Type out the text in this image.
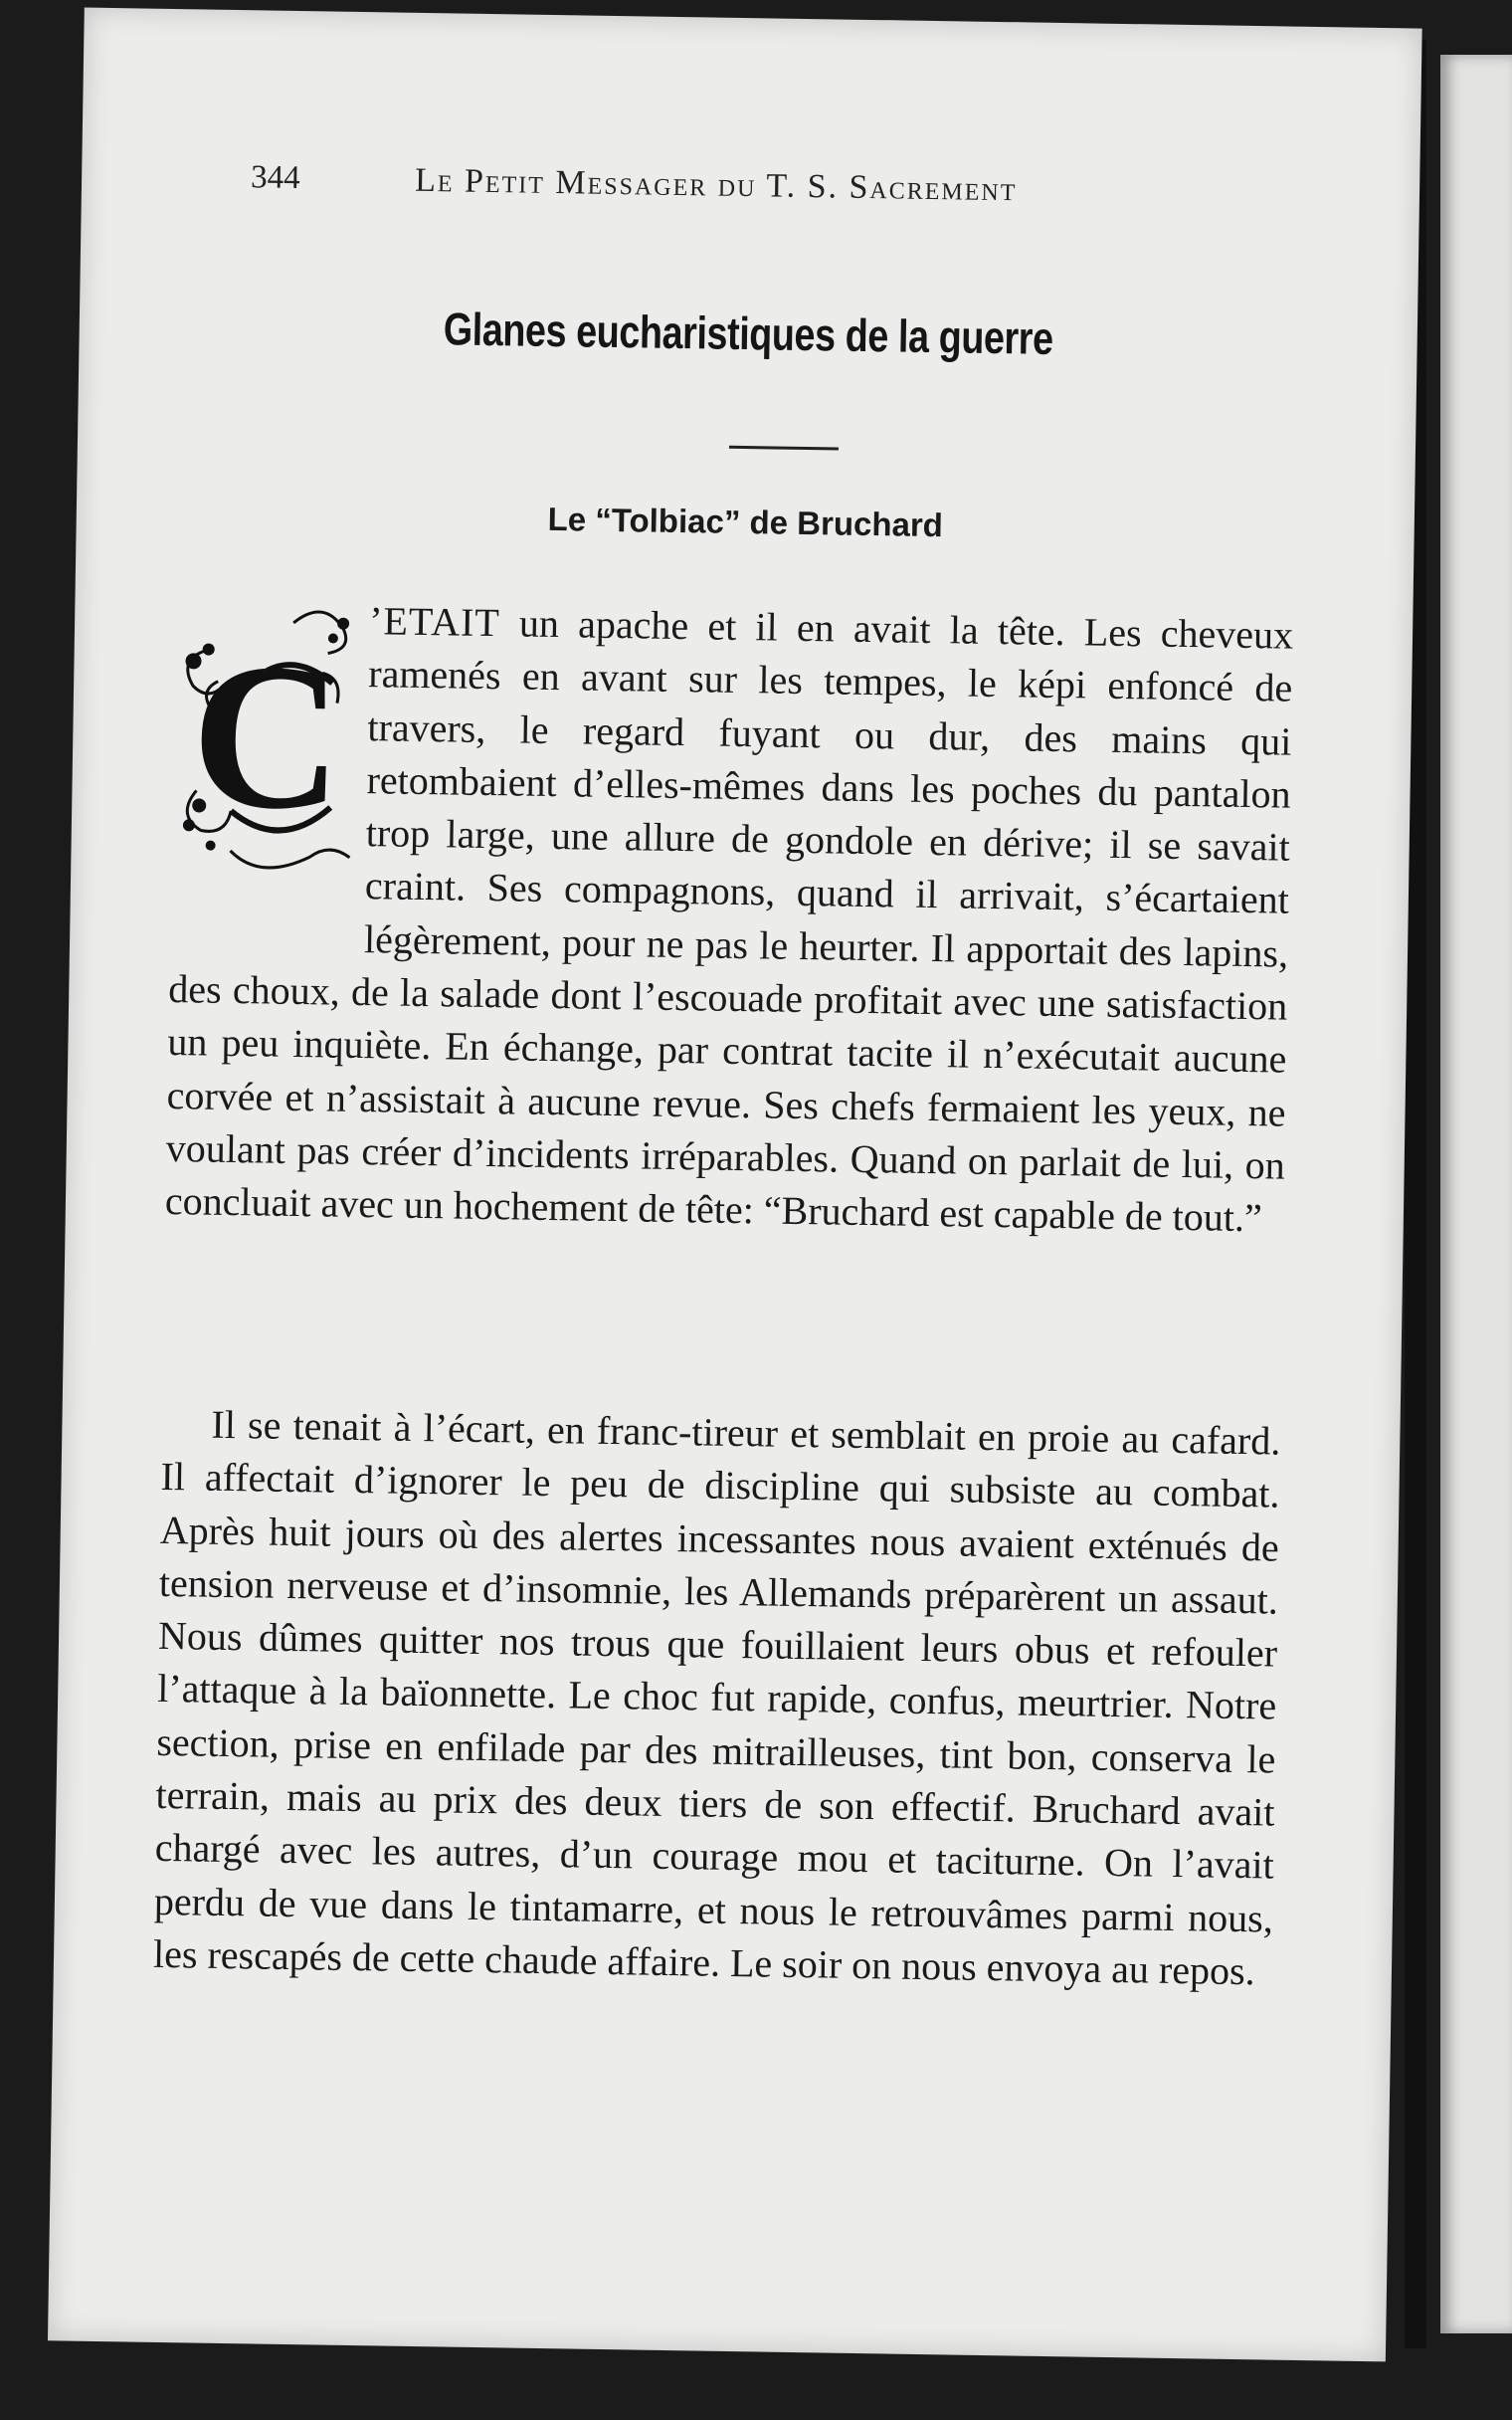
344	Le Petit Messager du T. S. Sacrement
Glanes eucharistiques de la guerre
Le “Tolbiac” de Bruchard
C ’ETAIT un apache et il en avait la tête. Les cheveux ramenés en avant sur les tempes, le képi enfoncé de travers, le regard fuyant ou dur, des mains qui retombaient d’elles-mêmes dans les poches du pantalon trop large, une allure de gondole en dérive; il se savait craint. Ses compagnons, quand il arrivait, s’écartaient légèrement, pour ne pas le heurter. Il apportait des lapins, des choux, de la salade dont l’escouade profitait avec une satisfaction un peu inquiète. En échange, par contrat tacite il n’exécutait aucune corvée et n’assistait à aucune revue. Ses chefs fermaient les yeux, ne voulant pas créer d’incidents irréparables. Quand on parlait de lui, on concluait avec un hochement de tête: “Bruchard est capable de tout.”
Il se tenait à l’écart, en franc-tireur et semblait en proie au cafard. Il affectait d’ignorer le peu de discipline qui subsiste au combat. Après huit jours où des alertes incessantes nous avaient exténués de tension nerveuse et d’insomnie, les Allemands préparèrent un assaut. Nous dûmes quitter nos trous que fouillaient leurs obus et refouler l’attaque à la baïonnette. Le choc fut rapide, confus, meurtrier. Notre section, prise en enfilade par des mitrailleuses, tint bon, conserva le terrain, mais au prix des deux tiers de son effectif. Bruchard avait chargé avec les autres, d’un courage mou et taciturne. On l’avait perdu de vue dans le tintamarre, et nous le retrouvâmes parmi nous, les rescapés de cette chaude affaire. Le soir on nous envoya au repos.
